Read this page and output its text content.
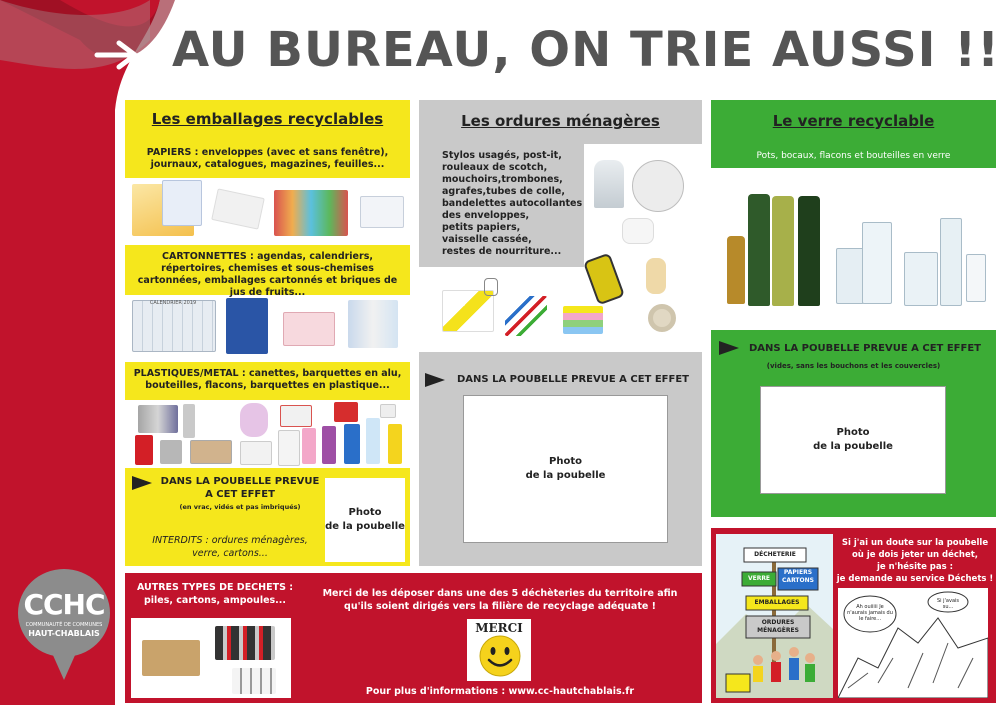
AU BUREAU, ON TRIE AUSSI !!
Les emballages recyclables
PAPIERS : enveloppes (avec et sans fenêtre), journaux, catalogues, magazines, feuilles...
CARTONNETTES : agendas, calendriers, répertoires, chemises et sous-chemises cartonnées, emballages cartonnés et briques de jus de fruits...
CALENDRIER 2019
PLASTIQUES/METAL : canettes, barquettes en alu, bouteilles, flacons, barquettes en plastique...
DANS LA POUBELLE PREVUE
A CET EFFET
(en vrac, vidés et pas imbriqués)
INTERDITS : ordures ménagères, verre, cartons...
Photo
de la poubelle
Les ordures ménagères
Stylos usagés, post-it,
rouleaux de scotch,
mouchoirs,trombones,
agrafes,tubes de colle,
bandelettes autocollantes
des enveloppes,
petits papiers,
vaisselle cassée,
restes de nourriture...
DANS LA POUBELLE PREVUE A CET EFFET
Photo
de la poubelle
Le verre recyclable
Pots, bocaux, flacons et bouteilles en verre
DANS LA POUBELLE PREVUE A CET EFFET
(vides, sans les bouchons et les couvercles)
Photo
de la poubelle
AUTRES TYPES DE DECHETS :
piles, cartons, ampoules...
Merci de les déposer dans une des 5 déchèteries du territoire afin
qu'ils soient dirigés vers la filière de recyclage adéquate !
MERCI
Pour plus d'informations : www.cc-hautchablais.fr
DÉCHETERIE
VERRE
PAPIERS CARTONS
EMBALLAGES
ORDURES MÉNAGÈRES
Si j'ai un doute sur la poubelle
où je dois jeter un déchet,
je n'hésite pas :
je demande au service Déchets !
Ah ouiiiii Je n'aurais jamais du le faire...
Si j'avais su...
CCHC
COMMUNAUTÉ DE COMMUNES
HAUT-CHABLAIS
